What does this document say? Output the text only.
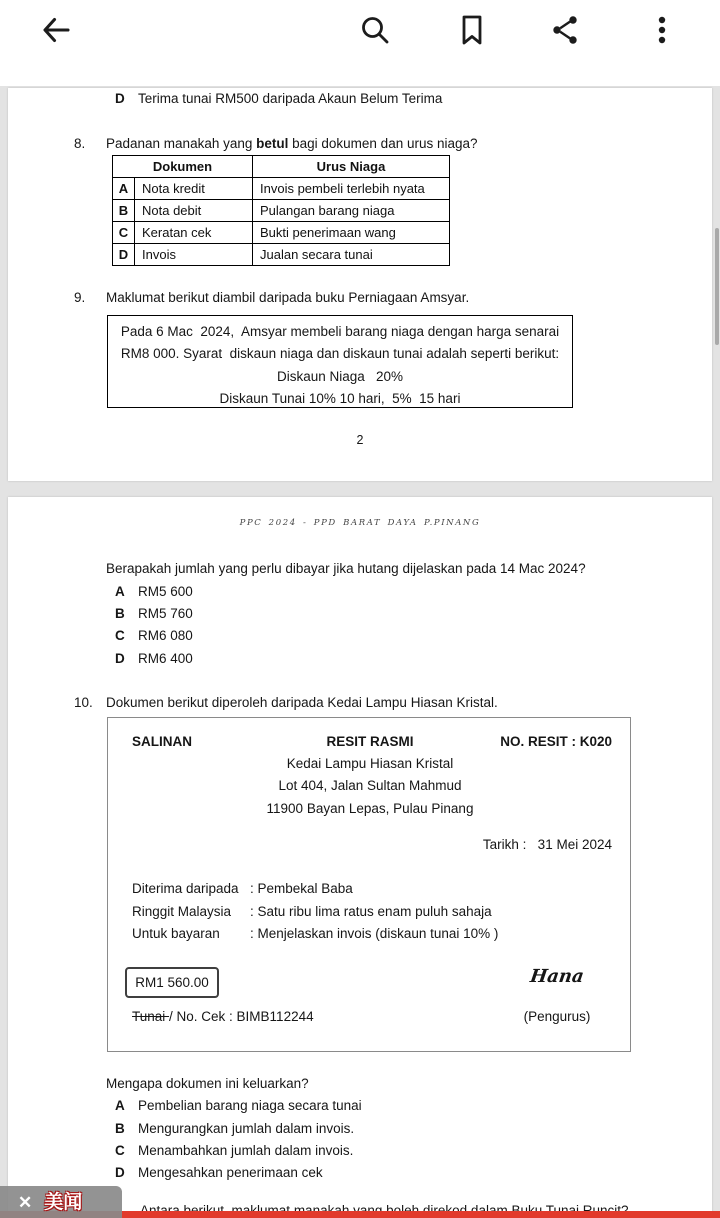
D Terima tunai RM500 daripada Akaun Belum Terima
8. Padanan manakah yang betul bagi dokumen dan urus niaga?
Dokumen		Urus Niaga
A	Nota kredit	Invois pembeli terlebih nyata
B	Nota debit	Pulangan barang niaga
C	Keratan cek	Bukti penerimaan wang
D	Invois	Jualan secara tunai
9. Maklumat berikut diambil daripada buku Perniagaan Amsyar.
Pada 6 Mac  2024,  Amsyar membeli barang niaga dengan harga senarai
RM8 000. Syarat  diskaun niaga dan diskaun tunai adalah seperti berikut:
Diskaun Niaga   20%
Diskaun Tunai 10% 10 hari,  5%  15 hari
2
PPC 2024 - PPD BARAT DAYA P.PINANG
Berapakah jumlah yang perlu dibayar jika hutang dijelaskan pada 14 Mac 2024?
A RM5 600
B RM5 760
C RM6 080
D RM6 400
10. Dokumen berikut diperoleh daripada Kedai Lampu Hiasan Kristal.
SALINAN	RESIT RASMI	NO. RESIT : K020
Kedai Lampu Hiasan Kristal
Lot 404, Jalan Sultan Mahmud
11900 Bayan Lepas, Pulau Pinang
Tarikh :   31 Mei 2024
Diterima daripada : Pembekal Baba
Ringgit Malaysia : Satu ribu lima ratus enam puluh sahaja
Untuk bayaran : Menjelaskan invois (diskaun tunai 10% )
RM1 560.00	Hana
Tunai / No. Cek : BIMB112244	(Pengurus)
Mengapa dokumen ini keluarkan?
A Pembelian barang niaga secara tunai
B Mengurangkan jumlah dalam invois.
C Menambahkan jumlah dalam invois.
D Mengesahkan penerimaan cek
✕ 美闻
